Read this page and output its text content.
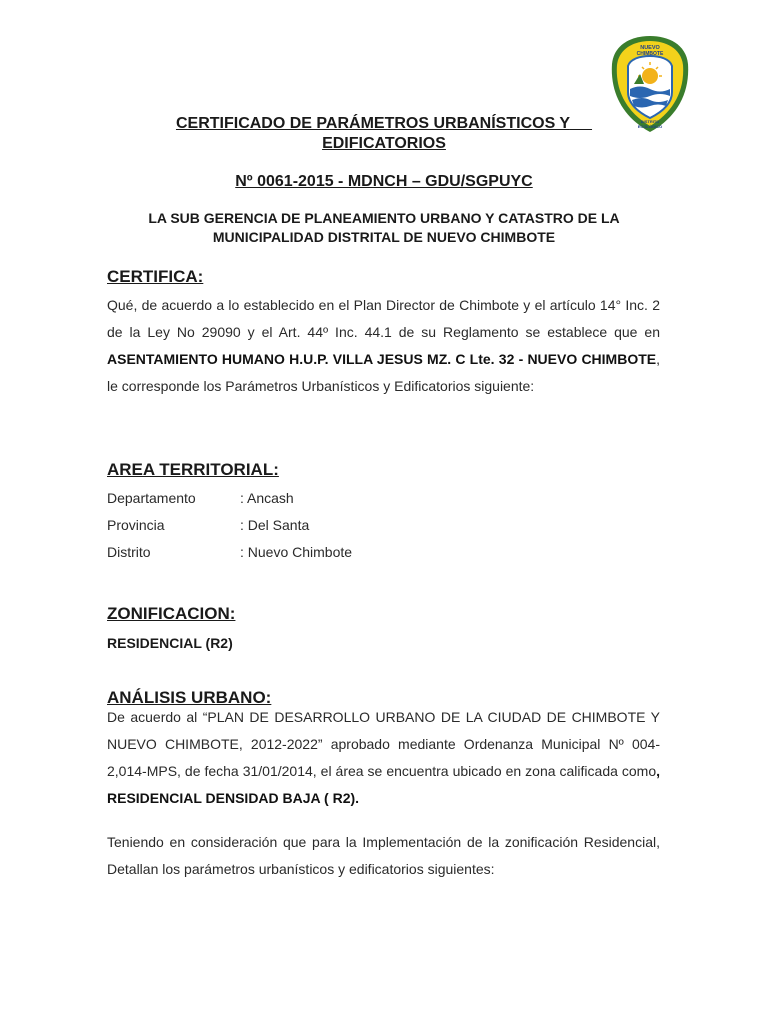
NUEVO
CHIMBOTE
DISTRITO
ECOLÓGICO
CERTIFICADO DE PARÁMETROS URBANÍSTICOS Y
EDIFICATORIOS
Nº 0061-2015 - MDNCH – GDU/SGPUYC
LA SUB GERENCIA DE PLANEAMIENTO URBANO Y CATASTRO DE LA
MUNICIPALIDAD DISTRITAL DE NUEVO CHIMBOTE
CERTIFICA:
Qué, de acuerdo a lo establecido en el Plan Director de Chimbote y el artículo 14° Inc. 2 de la Ley No 29090 y el Art. 44º Inc. 44.1 de su Reglamento se establece que en ASENTAMIENTO HUMANO H.U.P. VILLA JESUS MZ. C Lte. 32 - NUEVO CHIMBOTE, le corresponde los Parámetros Urbanísticos y Edificatorios siguiente:
AREA TERRITORIAL:
Departamento	: Ancash
Provincia	: Del Santa
Distrito	: Nuevo Chimbote
ZONIFICACION:
RESIDENCIAL (R2)
ANÁLISIS URBANO:
De acuerdo al “PLAN DE DESARROLLO URBANO DE LA CIUDAD DE CHIMBOTE Y NUEVO CHIMBOTE, 2012-2022” aprobado mediante Ordenanza Municipal Nº 004-2,014-MPS, de fecha 31/01/2014, el área se encuentra ubicado en zona calificada como, RESIDENCIAL DENSIDAD BAJA ( R2).
Teniendo en consideración que para la Implementación de la zonificación Residencial, Detallan los parámetros urbanísticos y edificatorios siguientes:
